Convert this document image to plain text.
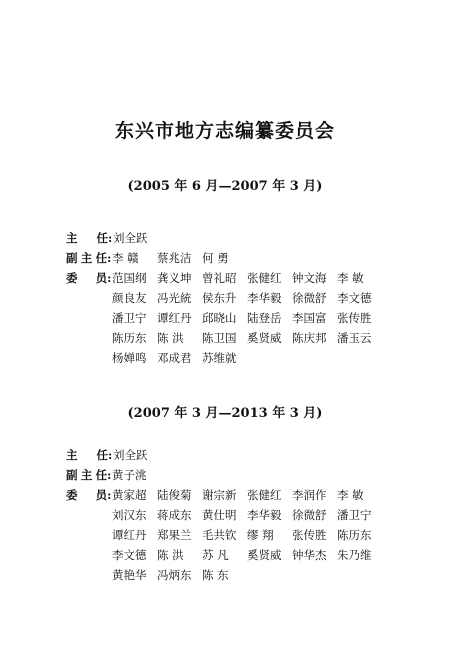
东兴市地方志编纂委员会
(2005 年 6 月—2007 年 3 月)
主 任 : 刘全跃
副主任 : 李 赣	蔡兆洁 何 勇
委 员 : 范国纲 龚义坤 曾礼昭 张健红 钟文海 李 敏
颜良友 冯光統 侯东升 李华毅 徐微舒 李文德
潘卫宁 谭红丹 邱晓山 陆登岳 李国富 张传胜
陈历东 陈 洪	陈卫国 奚贤威 陈庆邦 潘玉云
杨婵鸣 邓成君 苏维就
(2007 年 3 月—2013 年 3 月)
主 任 : 刘全跃
副主任 : 黄子洮
委 员 : 黄家超 陆俊菊 谢宗新 张健红 李润作 李 敏
刘汉东 蒋成东 黄仕明 李华毅 徐微舒 潘卫宁
谭红丹 郑果兰 毛共钦 缪 翔	张传胜 陈历东
李文德 陈 洪	苏 凡	奚贤威 钟华杰 朱乃维
黄艳华 冯炳东 陈 东
